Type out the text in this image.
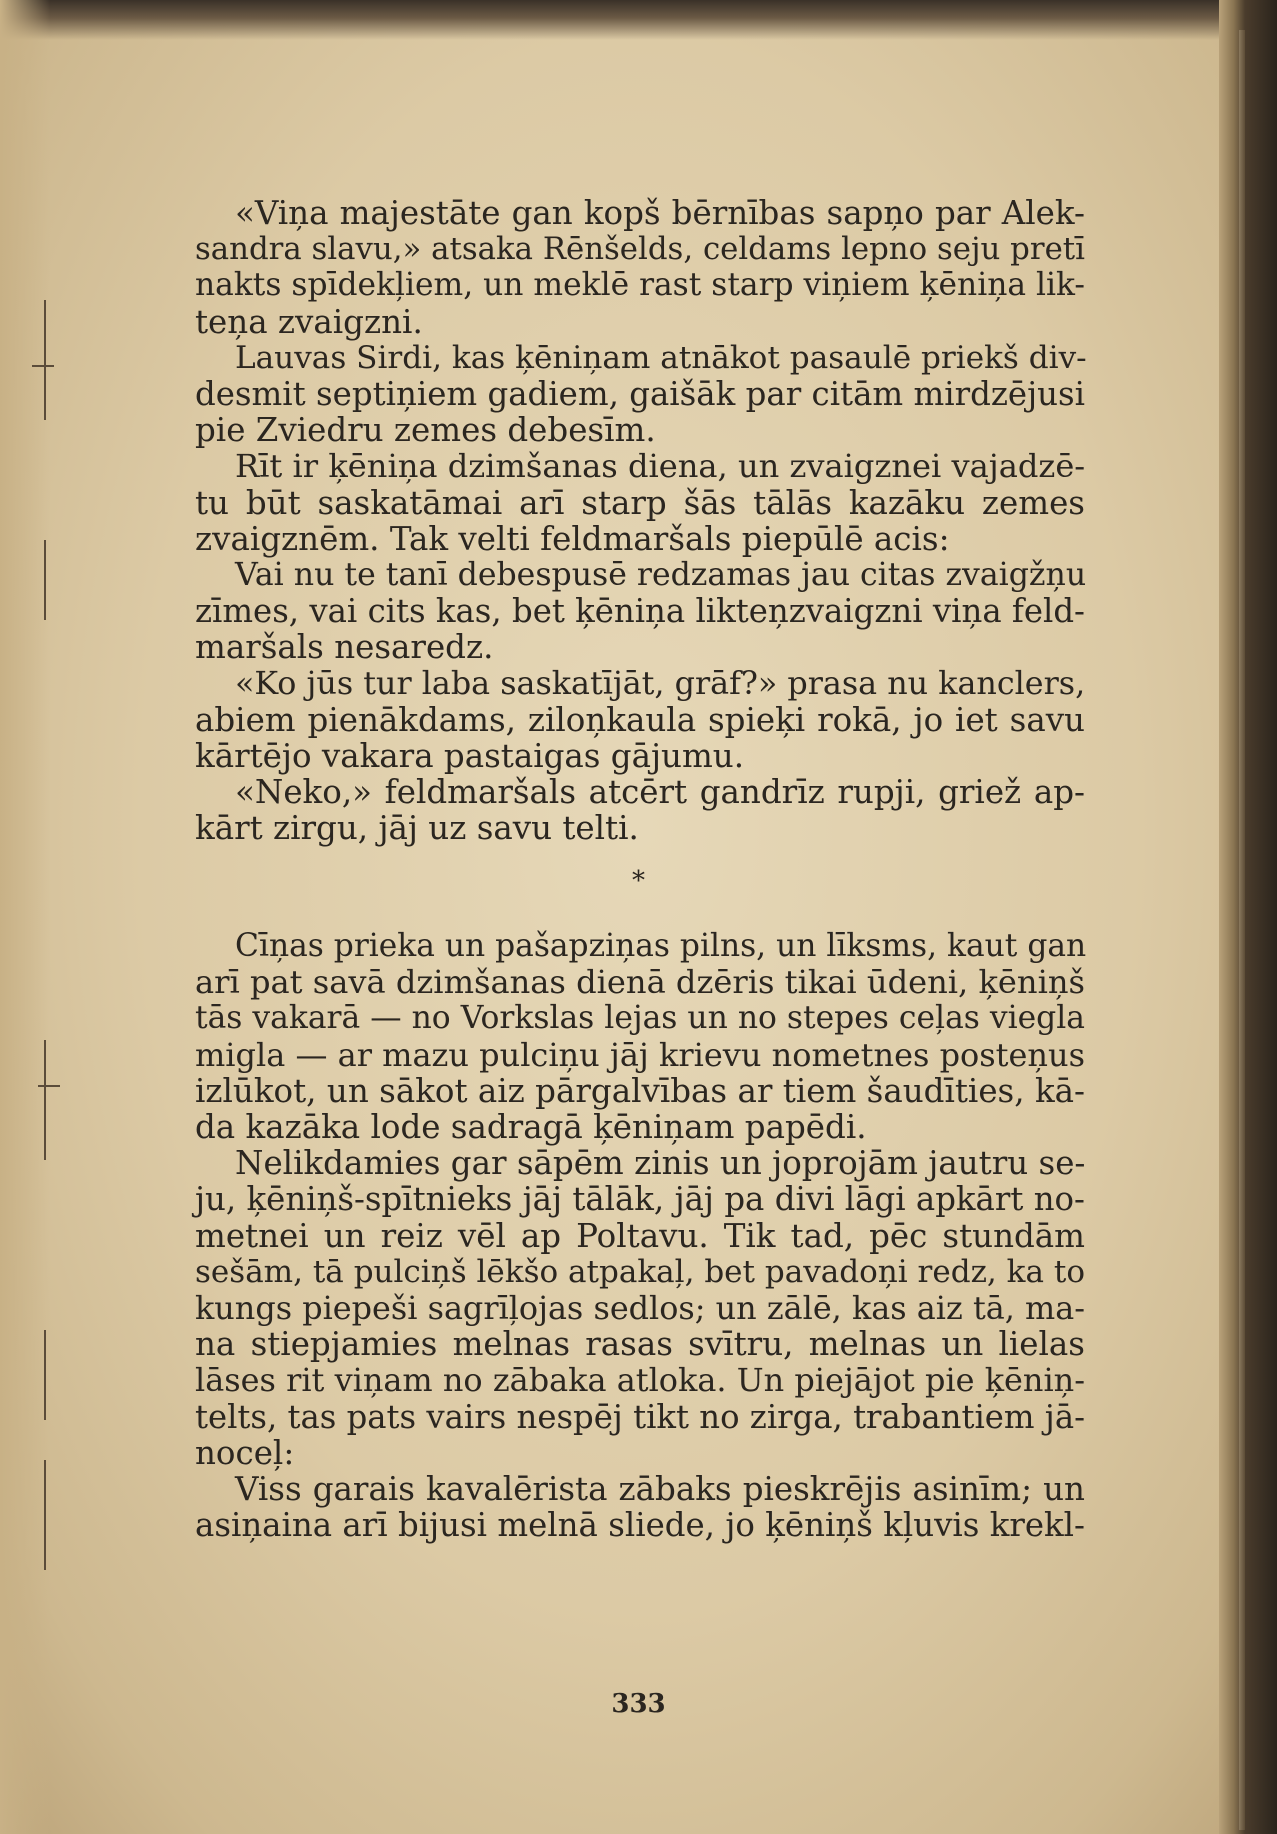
«Viņa majestāte gan kopš bērnības sapņo par Alek-
sandra slavu,» atsaka Rēnšelds, celdams lepno seju pretī
nakts spīdekļiem, un meklē rast starp viņiem ķēniņa lik-
teņa zvaigzni.
Lauvas Sirdi, kas ķēniņam atnākot pasaulē priekš div-
desmit septiņiem gadiem, gaišāk par citām mirdzējusi
pie Zviedru zemes debesīm.
Rīt ir ķēniņa dzimšanas diena, un zvaigznei vajadzē-
tu būt saskatāmai arī starp šās tālās kazāku zemes
zvaigznēm. Tak velti feldmaršals piepūlē acis:
Vai nu te tanī debespusē redzamas jau citas zvaigžņu
zīmes, vai cits kas, bet ķēniņa likteņzvaigzni viņa feld-
maršals nesaredz.
«Ko jūs tur laba saskatījāt, grāf?» prasa nu kanclers,
abiem pienākdams, ziloņkaula spieķi rokā, jo iet savu
kārtējo vakara pastaigas gājumu.
«Neko,» feldmaršals atcērt gandrīz rupji, griež ap-
kārt zirgu, jāj uz savu telti.
*
Cīņas prieka un pašapziņas pilns, un līksms, kaut gan
arī pat savā dzimšanas dienā dzēris tikai ūdeni, ķēniņš
tās vakarā — no Vorkslas lejas un no stepes ceļas viegla
migla — ar mazu pulciņu jāj krievu nometnes posteņus
izlūkot, un sākot aiz pārgalvības ar tiem šaudīties, kā-
da kazāka lode sadragā ķēniņam papēdi.
Nelikdamies gar sāpēm zinis un joprojām jautru se-
ju, ķēniņš-spītnieks jāj tālāk, jāj pa divi lāgi apkārt no-
metnei un reiz vēl ap Poltavu. Tik tad, pēc stundām
sešām, tā pulciņš lēkšo atpakaļ, bet pavadoņi redz, ka to
kungs piepeši sagrīļojas sedlos; un zālē, kas aiz tā, ma-
na stiepjamies melnas rasas svītru, melnas un lielas
lāses rit viņam no zābaka atloka. Un piejājot pie ķēniņ-
telts, tas pats vairs nespēj tikt no zirga, trabantiem jā-
noceļ:
Viss garais kavalērista zābaks pieskrējis asinīm; un
asiņaina arī bijusi melnā sliede, jo ķēniņš kļuvis krekl-
333
